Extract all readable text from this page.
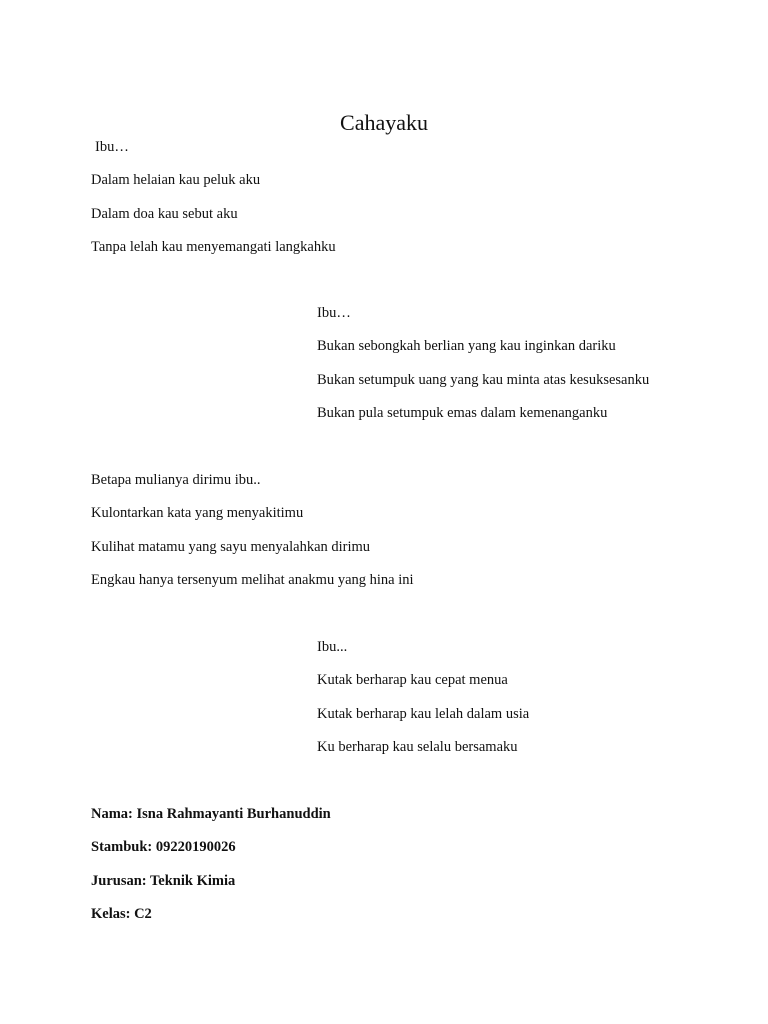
Cahayaku
Ibu…
Dalam helaian kau peluk aku
Dalam doa kau sebut aku
Tanpa lelah kau menyemangati langkahku
Ibu…
Bukan sebongkah berlian yang kau inginkan dariku
Bukan setumpuk uang yang kau minta atas kesuksesanku
Bukan pula setumpuk emas dalam kemenanganku
Betapa mulianya dirimu ibu..
Kulontarkan kata yang menyakitimu
Kulihat matamu yang sayu menyalahkan dirimu
Engkau hanya tersenyum melihat anakmu yang hina ini
Ibu...
Kutak berharap kau cepat menua
Kutak berharap kau lelah dalam usia
Ku berharap kau selalu bersamaku
Nama: Isna Rahmayanti Burhanuddin
Stambuk: 09220190026
Jurusan: Teknik Kimia
Kelas: C2
